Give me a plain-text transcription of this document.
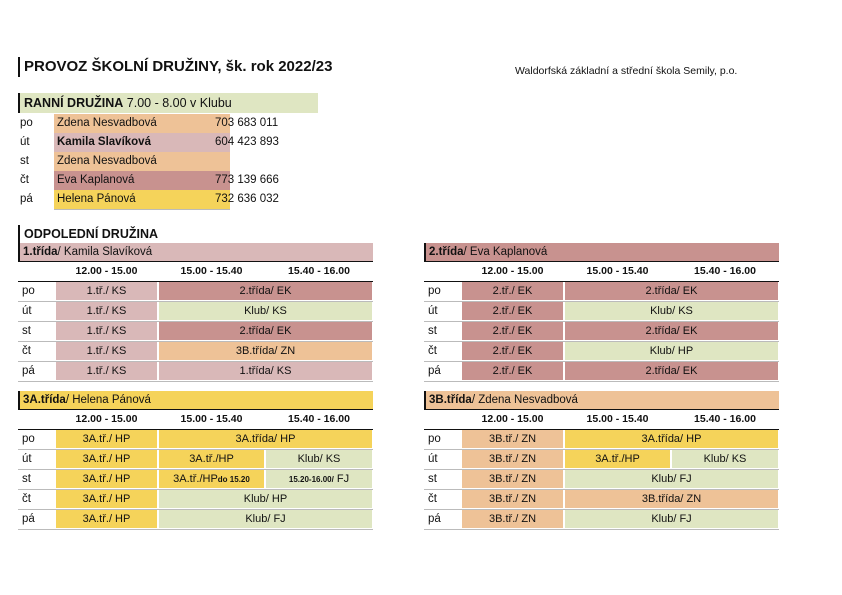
PROVOZ ŠKOLNÍ DRUŽINY, šk. rok 2022/23	Waldorfská základní a střední škola Semily, p.o.
RANNÍ DRUŽINA 7.00 - 8.00 v Klubu
po	Zdena Nesvadbová	703 683 011
út	Kamila Slavíková	604 423 893
st	Zdena Nesvadbová
čt	Eva Kaplanová	773 139 666
pá	Helena Pánová	732 636 032
ODPOLEDNÍ DRUŽINA
1.třída/ Kamila Slavíková
12.00 - 15.00	15.00 - 15.40	15.40 - 16.00
po	1.tř./ KS	2.třída/ EK
út	1.tř./ KS	Klub/ KS
st	1.tř./ KS	2.třída/ EK
čt	1.tř./ KS	3B.třída/ ZN
pá	1.tř./ KS	1.třída/ KS
2.třída/ Eva Kaplanová
12.00 - 15.00	15.00 - 15.40	15.40 - 16.00
po	2.tř./ EK	2.třída/ EK
út	2.tř./ EK	Klub/ KS
st	2.tř./ EK	2.třída/ EK
čt	2.tř./ EK	Klub/ HP
pá	2.tř./ EK	2.třída/ EK
3A.třída/ Helena Pánová
12.00 - 15.00	15.00 - 15.40	15.40 - 16.00
po	3A.tř./ HP	3A.třída/ HP
út	3A.tř./ HP	3A.tř./HP	Klub/ KS
st	3A.tř./ HP	3A.tř./HPdo 15.20	15.20-16.00/ FJ
čt	3A.tř./ HP	Klub/ HP
pá	3A.tř./ HP	Klub/ FJ
3B.třída/ Zdena Nesvadbová
12.00 - 15.00	15.00 - 15.40	15.40 - 16.00
po	3B.tř./ ZN	3A.třída/ HP
út	3B.tř./ ZN	3A.tř./HP	Klub/ KS
st	3B.tř./ ZN	Klub/ FJ
čt	3B.tř./ ZN	3B.třída/ ZN
pá	3B.tř./ ZN	Klub/ FJ
